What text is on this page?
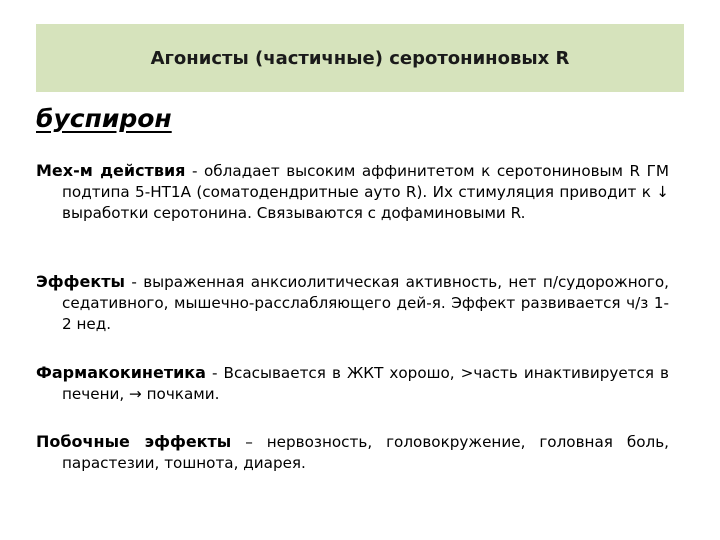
Агонисты (частичные) серотониновых R
буспирон

Мех-м действия - обладает высоким аффинитетом к серотониновым R ГМ подтипа 5-HT1A (соматодендритные ауто R). Их стимуляция приводит к ↓ выработки серотонина. Связываются с дофаминовыми R.

Эффекты - выраженная анксиолитическая активность, нет п/судорожного, седативного, мышечно-расслабляющего дей-я. Эффект развивается ч/з 1-2 нед.

Фармакокинетика - Всасывается в ЖКТ хорошо, >часть инактивируется в печени, → почками.

Побочные эффекты – нервозность, головокружение, головная боль, парастезии, тошнота, диарея.
